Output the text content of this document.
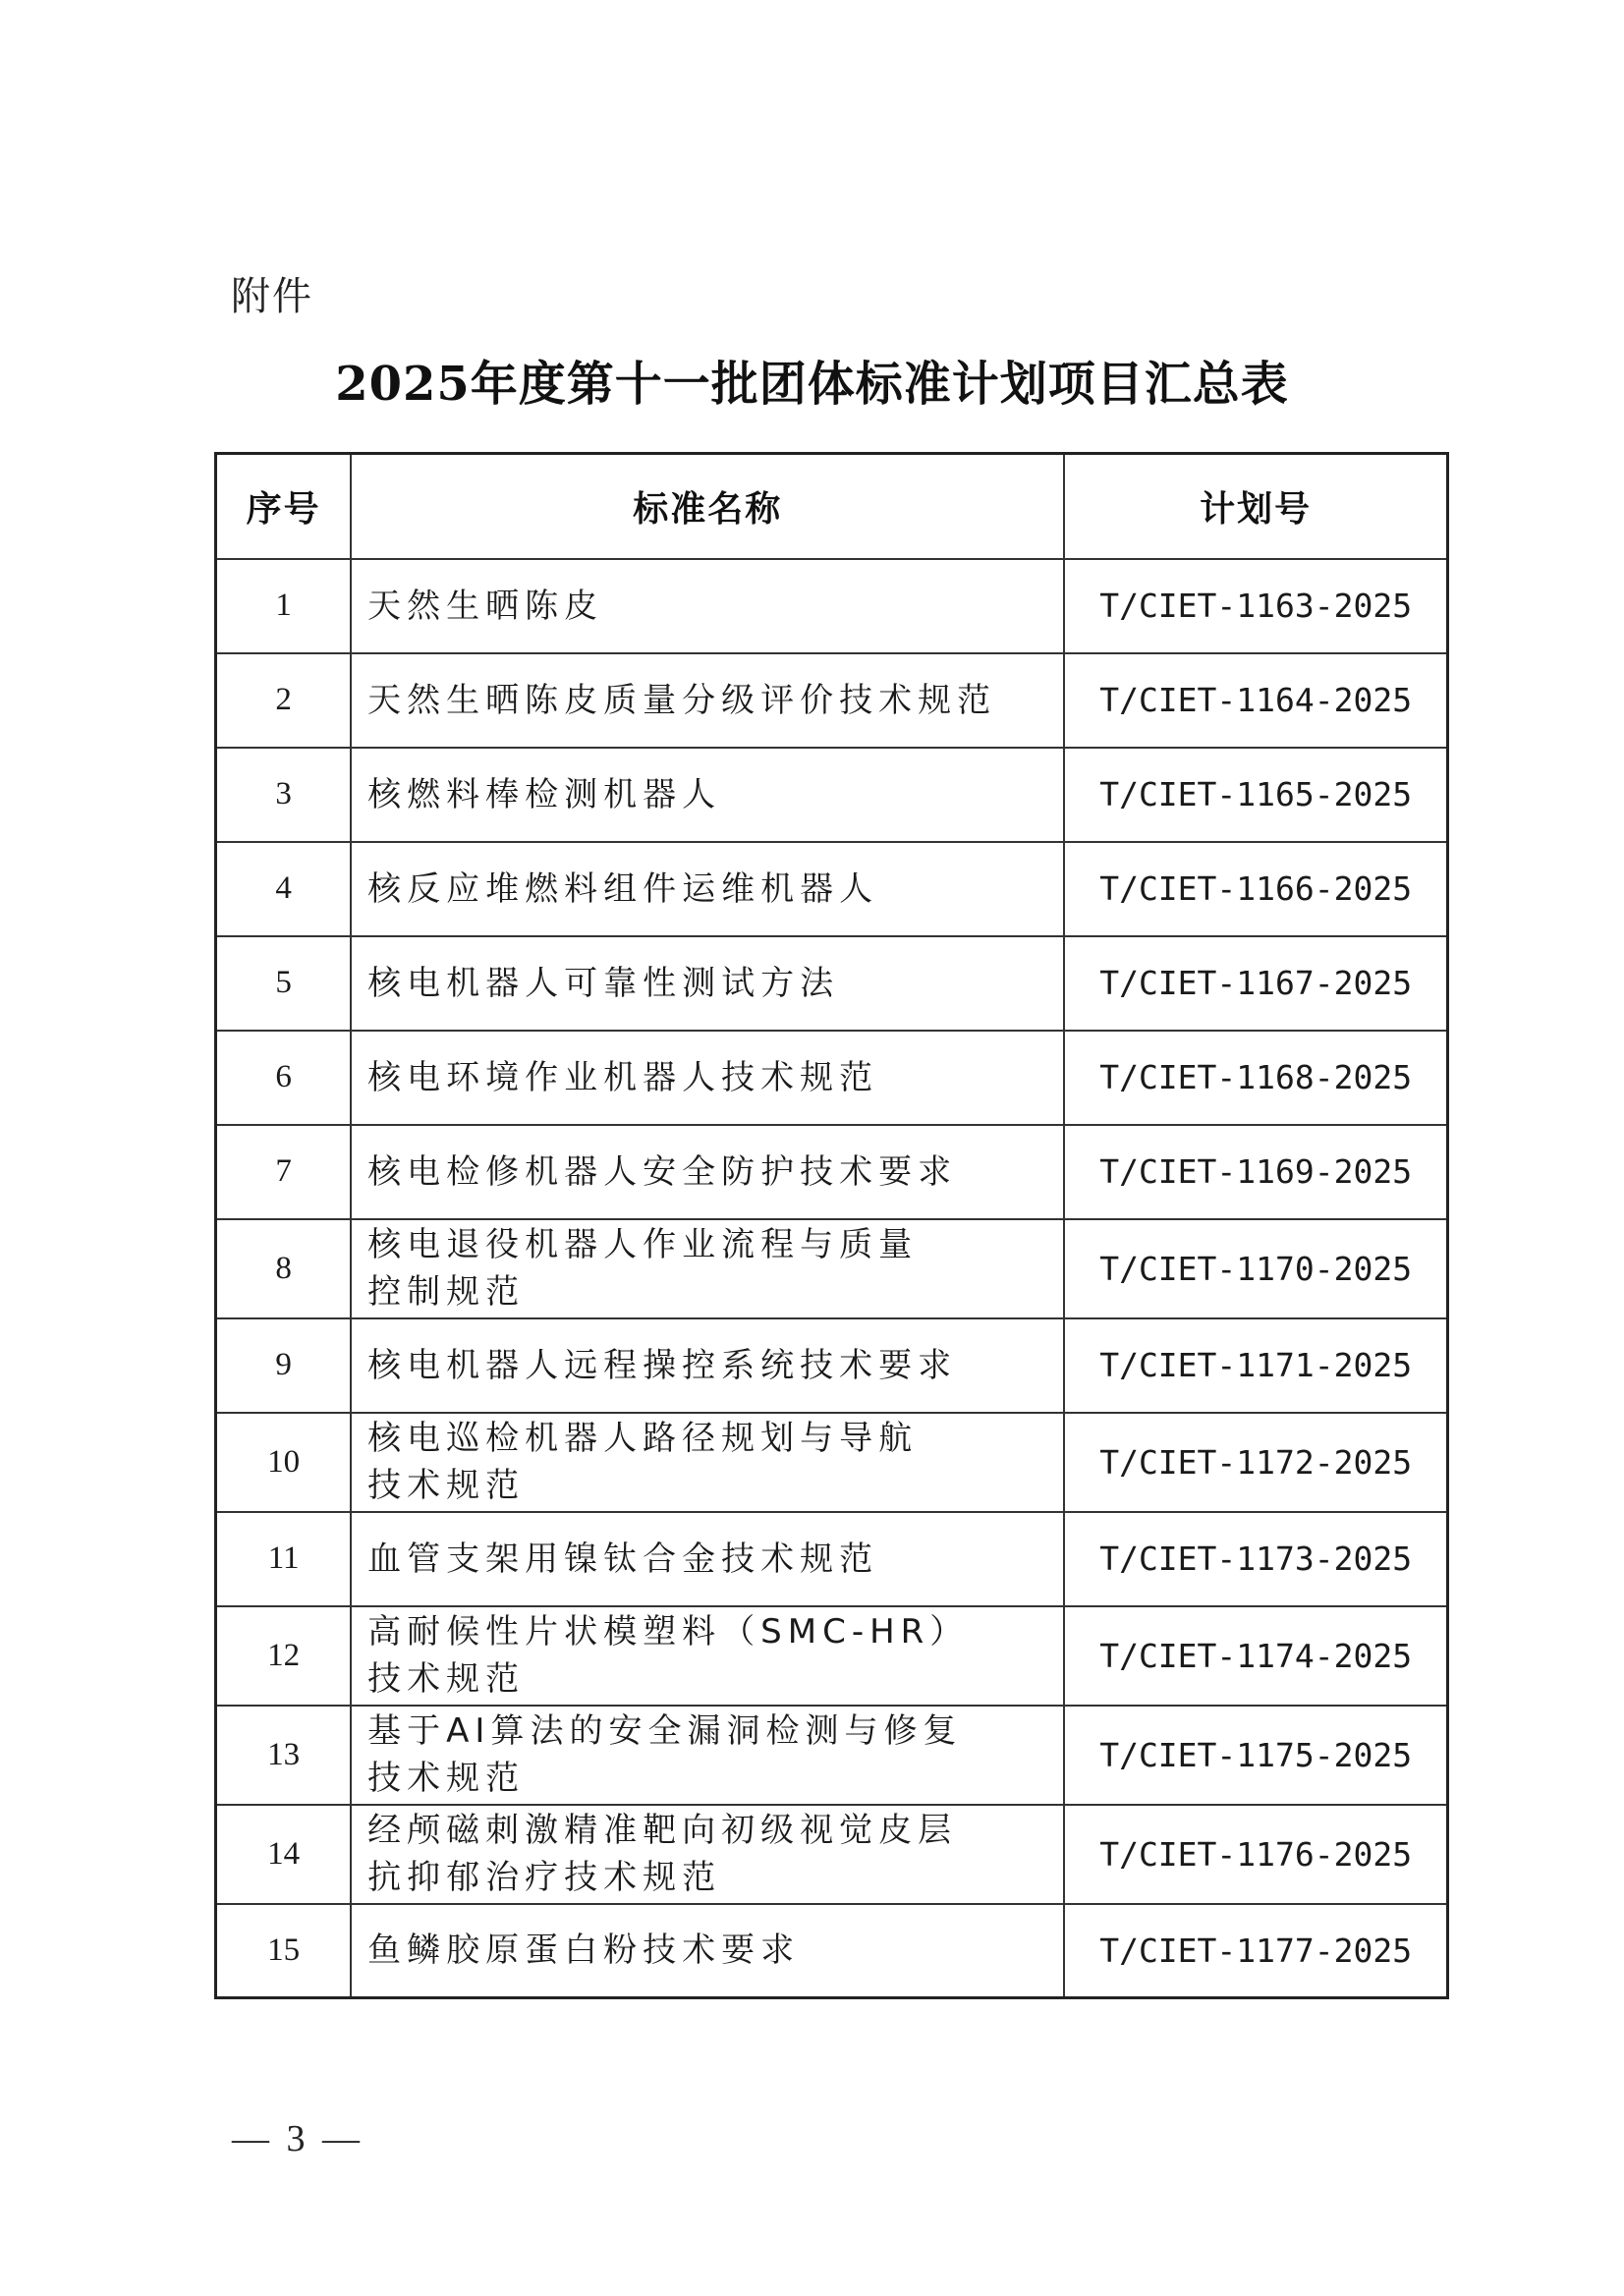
附件
2025年度第十一批团体标准计划项目汇总表
序号	标准名称	计划号
1	天然生晒陈皮	T/CIET-1163-2025
2	天然生晒陈皮质量分级评价技术规范	T/CIET-1164-2025
3	核燃料棒检测机器人	T/CIET-1165-2025
4	核反应堆燃料组件运维机器人	T/CIET-1166-2025
5	核电机器人可靠性测试方法	T/CIET-1167-2025
6	核电环境作业机器人技术规范	T/CIET-1168-2025
7	核电检修机器人安全防护技术要求	T/CIET-1169-2025
8	核电退役机器人作业流程与质量
控制规范	T/CIET-1170-2025
9	核电机器人远程操控系统技术要求	T/CIET-1171-2025
10	核电巡检机器人路径规划与导航
技术规范	T/CIET-1172-2025
11	血管支架用镍钛合金技术规范	T/CIET-1173-2025
12	高耐候性片状模塑料（SMC-HR）
技术规范	T/CIET-1174-2025
13	基于AI算法的安全漏洞检测与修复
技术规范	T/CIET-1175-2025
14	经颅磁刺激精准靶向初级视觉皮层
抗抑郁治疗技术规范	T/CIET-1176-2025
15	鱼鳞胶原蛋白粉技术要求	T/CIET-1177-2025
— 3 —
